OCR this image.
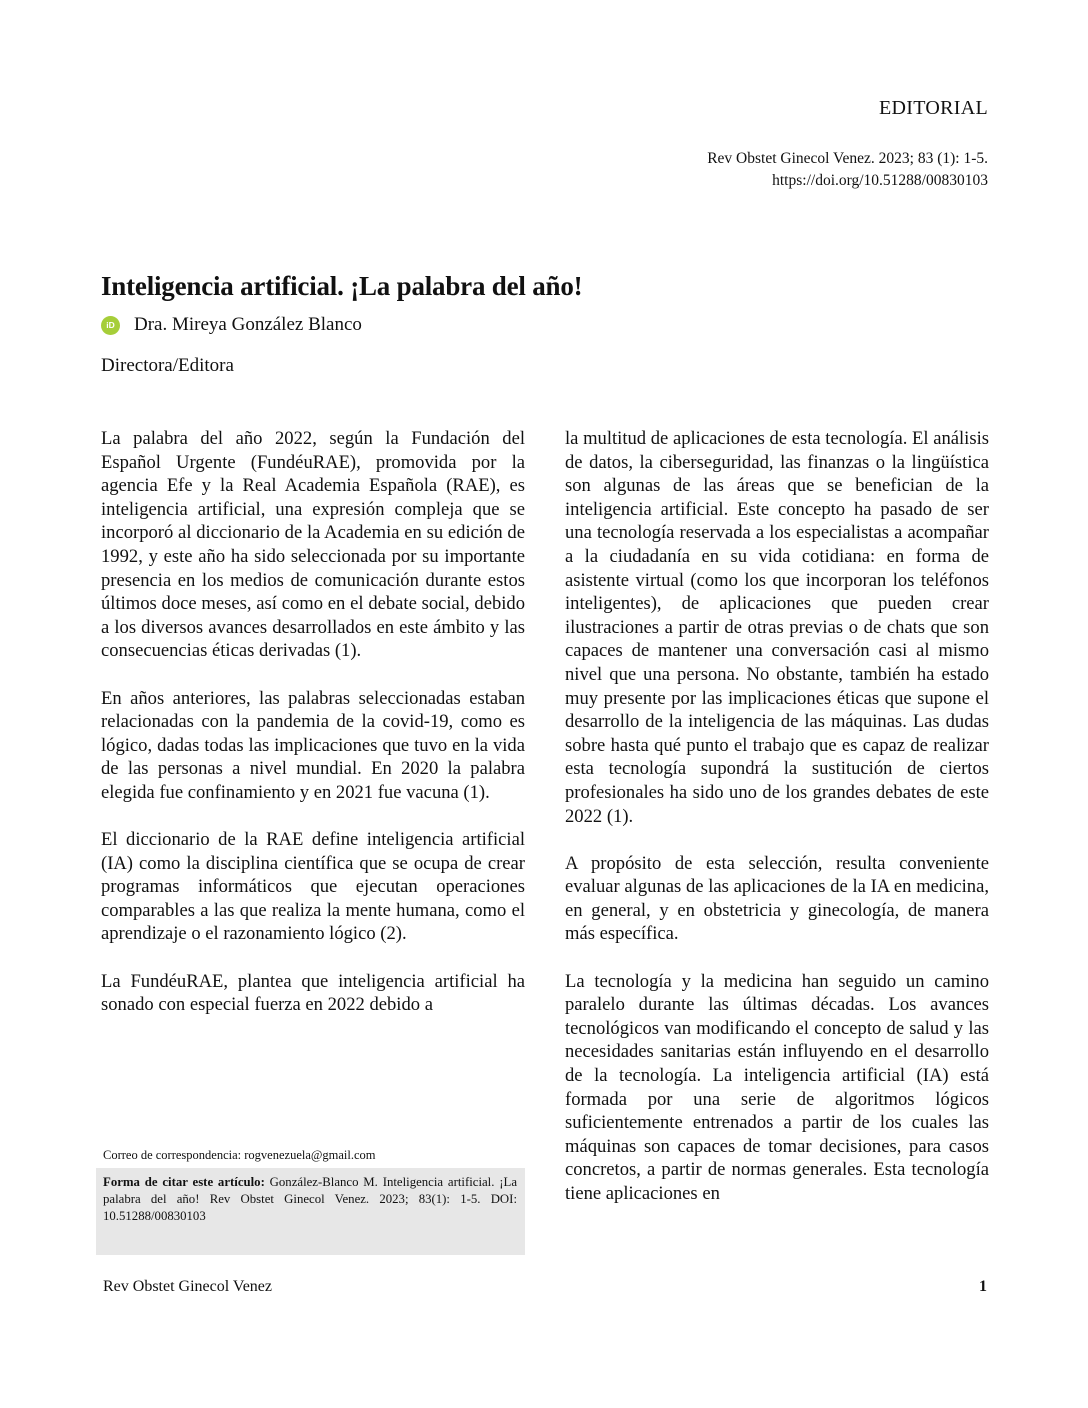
EDITORIAL
Rev Obstet Ginecol Venez. 2023; 83 (1): 1-5.
https://doi.org/10.51288/00830103
Inteligencia artificial. ¡La palabra del año!
iD Dra. Mireya González Blanco
Directora/Editora

La palabra del año 2022, según la Fundación del Español Urgente (FundéuRAE), promovida por la agencia Efe y la Real Academia Española (RAE), es inteligencia artificial, una expresión compleja que se incorporó al diccionario de la Academia en su edición de 1992, y este año ha sido seleccionada por su importante presencia en los medios de comunicación durante estos últimos doce meses, así como en el debate social, debido a los diversos avances desarrollados en este ámbito y las consecuencias éticas derivadas (1).

En años anteriores, las palabras seleccionadas estaban relacionadas con la pandemia de la covid-19, como es lógico, dadas todas las implicaciones que tuvo en la vida de las personas a nivel mundial. En 2020 la palabra elegida fue confinamiento y en 2021 fue vacuna (1).

El diccionario de la RAE define inteligencia artificial (IA) como la disciplina científica que se ocupa de crear programas informáticos que ejecutan operaciones comparables a las que realiza la mente humana, como el aprendizaje o el razonamiento lógico (2).

La FundéuRAE, plantea que inteligencia artificial ha sonado con especial fuerza en 2022 debido a

la multitud de aplicaciones de esta tecnología. El análisis de datos, la ciberseguridad, las finanzas o la lingüística son algunas de las áreas que se benefician de la inteligencia artificial. Este concepto ha pasado de ser una tecnología reservada a los especialistas a acompañar a la ciudadanía en su vida cotidiana: en forma de asistente virtual (como los que incorporan los teléfonos inteligentes), de aplicaciones que pueden crear ilustraciones a partir de otras previas o de chats que son capaces de mantener una conversación casi al mismo nivel que una persona. No obstante, también ha estado muy presente por las implicaciones éticas que supone el desarrollo de la inteligencia de las máquinas. Las dudas sobre hasta qué punto el trabajo que es capaz de realizar esta tecnología supondrá la sustitución de ciertos profesionales ha sido uno de los grandes debates de este 2022 (1).

A propósito de esta selección, resulta conveniente evaluar algunas de las aplicaciones de la IA en medicina, en general, y en obstetricia y ginecología, de manera más específica.

La tecnología y la medicina han seguido un camino paralelo durante las últimas décadas. Los avances tecnológicos van modificando el concepto de salud y las necesidades sanitarias están influyendo en el desarrollo de la tecnología. La inteligencia artificial (IA) está formada por una serie de algoritmos lógicos suficientemente entrenados a partir de los cuales las máquinas son capaces de tomar decisiones, para casos concretos, a partir de normas generales. Esta tecnología tiene aplicaciones en

Correo de correspondencia: rogvenezuela@gmail.com
Forma de citar este artículo: González-Blanco M. Inteligencia artificial. ¡La palabra del año! Rev Obstet Ginecol Venez. 2023; 83(1): 1-5. DOI: 10.51288/00830103
Rev Obstet Ginecol Venez	1
